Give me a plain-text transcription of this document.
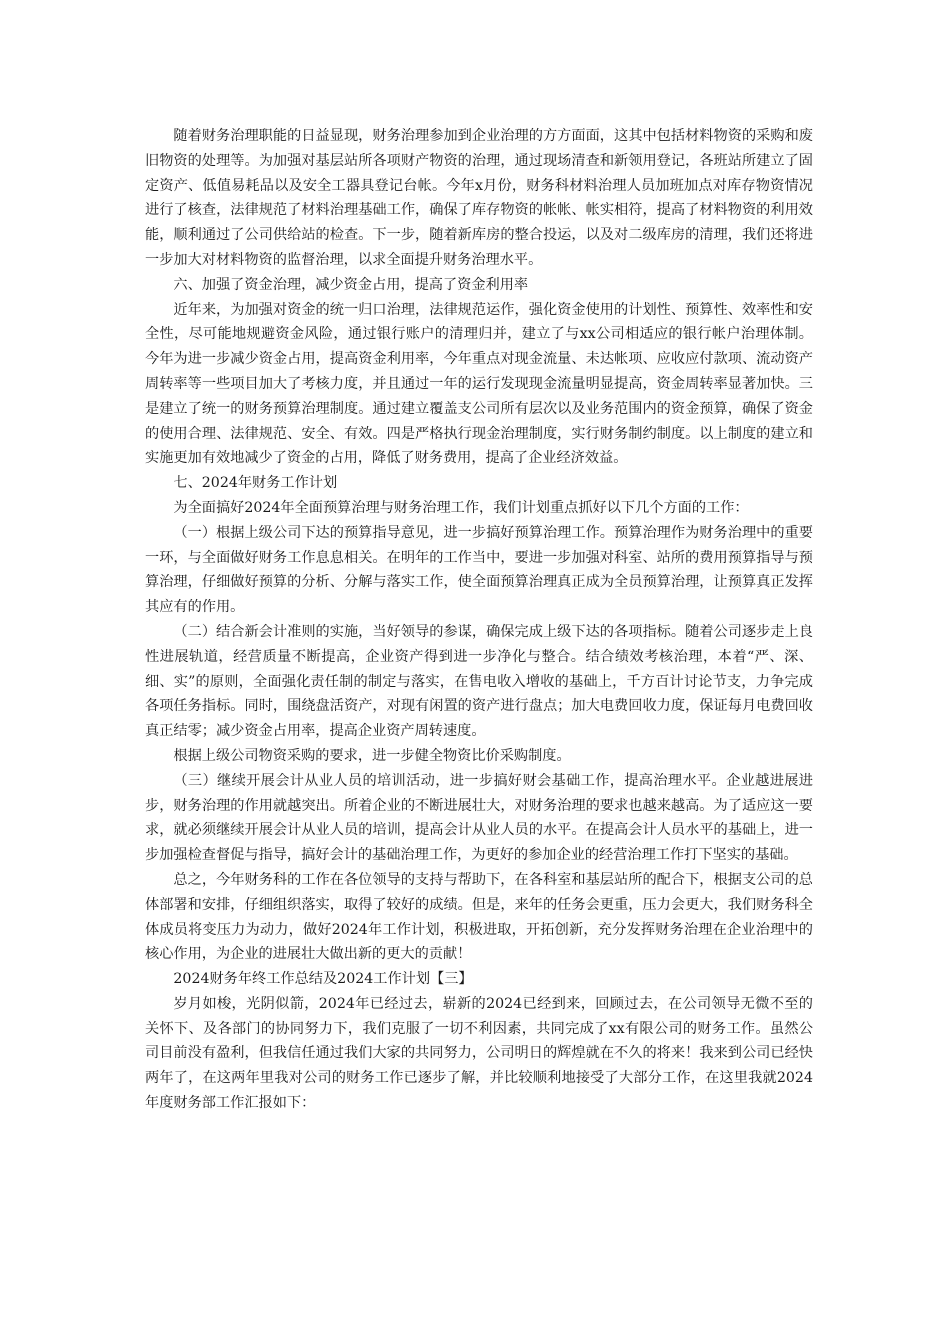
随着财务治理职能的日益显现，财务治理参加到企业治理的方方面面，这其中包括材料物资的采购和废旧物资的处理等。为加强对基层站所各项财产物资的治理，通过现场清查和新领用登记，各班站所建立了固定资产、低值易耗品以及安全工器具登记台帐。今年x月份，财务科材料治理人员加班加点对库存物资情况进行了核查，法律规范了材料治理基础工作，确保了库存物资的帐帐、帐实相符，提高了材料物资的利用效能，顺利通过了公司供给站的检查。下一步，随着新库房的整合投运，以及对二级库房的清理，我们还将进一步加大对材料物资的监督治理，以求全面提升财务治理水平。

六、加强了资金治理，减少资金占用，提高了资金利用率

近年来，为加强对资金的统一归口治理，法律规范运作，强化资金使用的计划性、预算性、效率性和安全性，尽可能地规避资金风险，通过银行账户的清理归并，建立了与xx公司相适应的银行帐户治理体制。今年为进一步减少资金占用，提高资金利用率，今年重点对现金流量、未达帐项、应收应付款项、流动资产周转率等一些项目加大了考核力度，并且通过一年的运行发现现金流量明显提高，资金周转率显著加快。三是建立了统一的财务预算治理制度。通过建立覆盖支公司所有层次以及业务范围内的资金预算，确保了资金的使用合理、法律规范、安全、有效。四是严格执行现金治理制度，实行财务制约制度。以上制度的建立和实施更加有效地减少了资金的占用，降低了财务费用，提高了企业经济效益。

七、2024年财务工作计划

为全面搞好2024年全面预算治理与财务治理工作，我们计划重点抓好以下几个方面的工作：

（一）根据上级公司下达的预算指导意见，进一步搞好预算治理工作。预算治理作为财务治理中的重要一环，与全面做好财务工作息息相关。在明年的工作当中，要进一步加强对科室、站所的费用预算指导与预算治理，仔细做好预算的分析、分解与落实工作，使全面预算治理真正成为全员预算治理，让预算真正发挥其应有的作用。

（二）结合新会计准则的实施，当好领导的参谋，确保完成上级下达的各项指标。随着公司逐步走上良性进展轨道，经营质量不断提高，企业资产得到进一步净化与整合。结合绩效考核治理，本着“严、深、细、实”的原则，全面强化责任制的制定与落实，在售电收入增收的基础上，千方百计讨论节支，力争完成各项任务指标。同时，围绕盘活资产，对现有闲置的资产进行盘点；加大电费回收力度，保证每月电费回收真正结零；减少资金占用率，提高企业资产周转速度。

根据上级公司物资采购的要求，进一步健全物资比价采购制度。

（三）继续开展会计从业人员的培训活动，进一步搞好财会基础工作，提高治理水平。企业越进展进步，财务治理的作用就越突出。所着企业的不断进展壮大，对财务治理的要求也越来越高。为了适应这一要求，就必须继续开展会计从业人员的培训，提高会计从业人员的水平。在提高会计人员水平的基础上，进一步加强检查督促与指导，搞好会计的基础治理工作，为更好的参加企业的经营治理工作打下坚实的基础。

总之，今年财务科的工作在各位领导的支持与帮助下，在各科室和基层站所的配合下，根据支公司的总体部署和安排，仔细组织落实，取得了较好的成绩。但是，来年的任务会更重，压力会更大，我们财务科全体成员将变压力为动力，做好2024年工作计划，积极进取，开拓创新，充分发挥财务治理在企业治理中的核心作用，为企业的进展壮大做出新的更大的贡献！

2024财务年终工作总结及2024工作计划【三】

岁月如梭，光阴似箭，2024年已经过去，崭新的2024已经到来，回顾过去，在公司领导无微不至的关怀下、及各部门的协同努力下，我们克服了一切不利因素，共同完成了xx有限公司的财务工作。虽然公司目前没有盈利，但我信任通过我们大家的共同努力，公司明日的辉煌就在不久的将来！我来到公司已经快两年了，在这两年里我对公司的财务工作已逐步了解，并比较顺利地接受了大部分工作，在这里我就2024年度财务部工作汇报如下：
